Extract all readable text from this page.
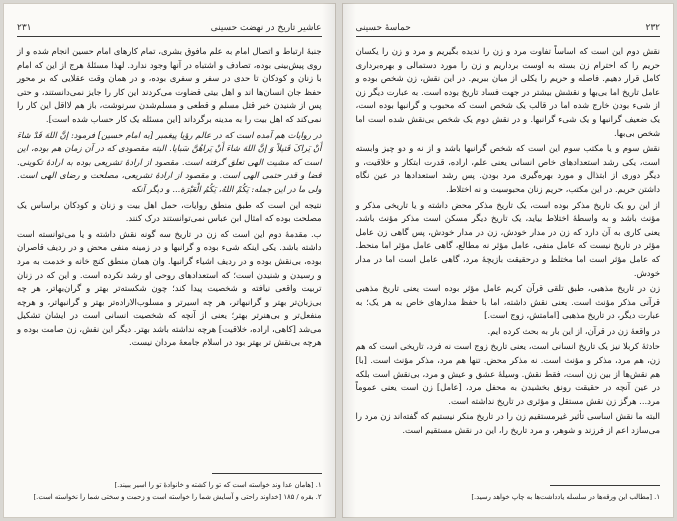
۲۳۱	عاشیر تاریخ در نهضت حسینی

جنبهٔ ارتباط و اتصال امام به علم مافوق بشری، تمام کارهای امام حسین انجام شده و از روی پیش‌بینی بوده، تصادف و اشتباه در آنها وجود ندارد. لهذا مسئلهٔ هرج از این که امام با زنان و کودکان تا حدی در سفر و سفری بوده، و در همان وقت عقلایی که بر محور حفظ جان انسان‌ها اند و اهل بیتی قضاوت می‌کردند این کار را جایز نمی‌دانستند، و حتی پس از شنیدن خبر قتل مسلم و قطعی و مسلم‌شدن سرنوشت، باز هم لااقل این کار را نمی‌کند که اهل بیت را به مدینه برگرداند [این مسئله یک کار حساب شده است].

در روایات هم آمده است که در عالم رؤیا پیغمبر [به امام حسین] فرمود: إنَّ اللهَ قَدْ شاءَ أَنْ یَراکَ قَتیلاً وَ إنَّ اللهَ شاءَ أَنْ یَراهُنَّ سَبایا. البته مقصودی که در آن زمان هم بوده، این است که مشیت الهی تعلق گرفته است. مقصود از ارادهٔ تشریعی بوده به ارادهٔ تکوینی. قضا و قدر حتمی الهی است. و مقصود از ارادهٔ تشریعی، مصلحت و رضای الهی است. ولی ما در این جمله: یَکُمْ اللهُ، یَکُمُ الْعَبْرَة... و دیگر آنکه

نتیجه این است که طبق منطق روایات، حمل اهل بیت و زنان و کودکان براساس یک مصلحت بوده که امثال ابن عباس نمی‌توانستند درک کنند.

ب. مقدمهٔ دوم این است که زن در تاریخ سه گونه نقش داشته و یا می‌توانسته است داشته باشد. یکی اینکه شیء بوده و گرانبها و در زمینه منفی محض و در ردیف قاصران بوده، بی‌نقش بوده و در ردیف اشیاء گرانبها. وان همان منطق کنج خانه و خدمت به مرد و رسیدن و شنیدن است؛ که استعدادهای روحی او رشد نکرده است. و این که در زنان تربیت واقعی نیافته و شخصیت پیدا کند؛ چون شکسته‌تر بهتر و گران‌بهاتر، هر چه بی‌زبان‌تر بهتر و گرانبهاتر، هر چه اسیرتر و مسلوب‌الاراده‌تر بهتر و گرانبهاتر، و هرچه منفعل‌تر و بی‌هنرتر بهتر؛ یعنی از آنچه که شخصیت انسانی است در ایشان تشکیل می‌شد [کاهی، اراده، خلاقیت] هرچه نداشته باشد بهتر. دیگر این نقش، زن صامت بوده و هرچه بی‌نقش تر بهتر بود در اسلام جامعهٔ مردان نیست.

۱. [هامان عدا وند خواسته است که تو را کشته و خانوادهٔ تو را اسیر ببیند.]
۲. بقره / ۱۸۵ [خداوند راحتی و آسایش شما را خواسته است و زحمت و سختی شما را نخواسته است.]
حماسهٔ حسینی	۲۳۲

نقش دوم این است که اساساً تفاوت مرد و زن را ندیده بگیریم و مرد و زن را یکسان حریم را که احترام زن بسته به اوست برداریم و زن را مورد دستمالی و بهره‌برداری کامل قرار دهیم. فاصله و حریم را یکلی از میان ببریم. در این نقش، زن شخص بوده و عامل تاریخ اما بی‌بها و نقشش بیشتر در جهت فساد تاریخ بوده است. به عبارت دیگر زن از شیء بودن خارج شده اما در قالب یک شخص است که محبوب و گرانبها بوده است، یک ضعیف گرانبها و یک شیء گرانبها. و در نقش دوم یک شخص بی‌نقش شده است اما شخص بی‌بها.

نقش سوم و یا مکتب سوم این است که شخص گرانبها باشد و از نه و دو چیز وابسته است، یکی رشد استعدادهای خاص انسانی یعنی علم، اراده، قدرت ابتکار و خلاقیت، و دیگر دوری از ابتذال و مورد بهره‌گیری مرد بودن. پس رشد استعدادها در عین نگاه داشتن حریم. در این مکتب، حریم زنان محبوسیت و نه اختلاط.

از این رو یک تاریخ مذکر بوده است، یک تاریخ مذکر محض داشته و یا تاریخی مذکر و مؤنث باشد و به واسطهٔ اختلاط بیاید، یک تاریخ دیگر مسکن است مذکر مؤنث باشد، یعنی کاری به آن دارد که زن در مدار خودش، زن در مدار خودش، پس گاهی زن عامل مؤثر در تاریخ نیست که عامل منفی، عامل مؤثر نه مطالع، گاهی عامل مؤثر اما منحط. که عامل مؤثر است اما مختلط و درحقیقت بازیچهٔ مرد، گاهی عامل است اما در مدار خودش.

زن در تاریخ مذهبی، طبق تلقی قرآن کریم عامل مؤثر بوده است یعنی تاریخ مذهبی قرآنی مذکر مؤنث است. یعنی نقش داشته، اما با حفظ مدارهای خاص به هر یک؛ به عبارت دیگر، در تاریخ مذهبی [امامتش، زوج است.]

در واقعهٔ زن در قرآن، از این بار به بحث کرده ایم.

حادثهٔ کربلا نیز یک تاریخ انسانی است، یعنی تاریخ زوج است نه فرد، تاریخی است که هم زن، هم مرد، مذکر و مؤنث است. نه مذکر محض. تنها هم مرد، مذکر مؤنث است. [با] هم نقش‌ها از بین زن است، فقط نقش. وسیلهٔ عشق و عیش و مرد، بی‌نقش است بلکه در عین آنچه در حقیقت رونق بخشیدن به محفل مرد، [عامل] زن است یعنی عموماً مرد... هرگز زن نقش مستقل و مؤثری در تاریخ نداشته است.

البته ما نقش اساسی تأثیر غیرمستقیم زن را در تاریخ منکر نیستیم که گفته‌اند زن مرد را می‌سازد اعم از فرزند و شوهر، و مرد تاریخ را، این در نقش مستقیم است.

۱. [مطالب این ورقه‌ها در سلسله یادداشت‌ها به چاپ خواهد رسید.]
